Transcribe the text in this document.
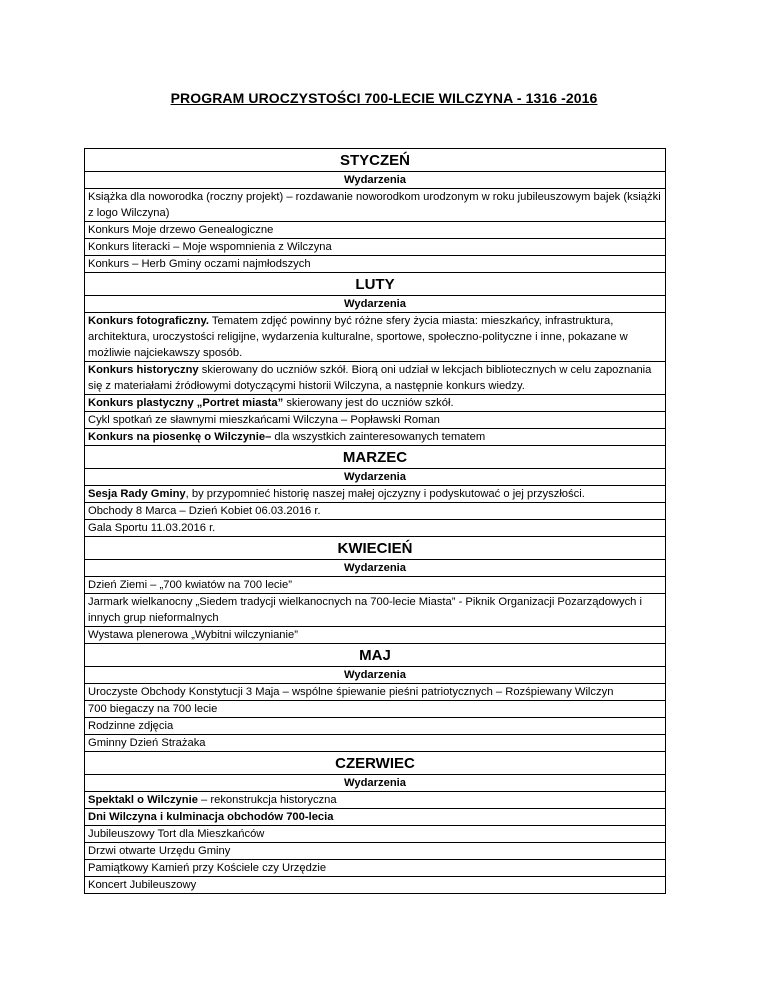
PROGRAM UROCZYSTOŚCI 700-LECIE WILCZYNA - 1316 -2016
STYCZEŃ
Wydarzenia
Książka dla noworodka (roczny projekt) – rozdawanie noworodkom urodzonym w roku jubileuszowym bajek (książki z logo Wilczyna)
Konkurs Moje drzewo Genealogiczne
Konkurs literacki – Moje wspomnienia z Wilczyna
Konkurs – Herb Gminy oczami najmłodszych
LUTY
Wydarzenia
Konkurs fotograficzny. Tematem zdjęć powinny być różne sfery życia miasta: mieszkańcy, infrastruktura, architektura, uroczystości religijne, wydarzenia kulturalne, sportowe, społeczno-polityczne i inne, pokazane w możliwie najciekawszy sposób.
Konkurs historyczny skierowany do uczniów szkół. Biorą oni udział w lekcjach bibliotecznych w celu zapoznania się z materiałami źródłowymi dotyczącymi historii Wilczyna, a następnie konkurs wiedzy.
Konkurs plastyczny „Portret miasta” skierowany jest do uczniów szkół.
Cykl spotkań ze sławnymi mieszkańcami Wilczyna – Popławski Roman
Konkurs na piosenkę o Wilczynie– dla wszystkich zainteresowanych tematem
MARZEC
Wydarzenia
Sesja Rady Gminy, by przypomnieć historię naszej małej ojczyzny i podyskutować o jej przyszłości.
Obchody 8 Marca – Dzień Kobiet 06.03.2016 r.
Gala Sportu 11.03.2016 r.
KWIECIEŃ
Wydarzenia
Dzień Ziemi – „700 kwiatów na 700 lecie”
Jarmark wielkanocny „Siedem tradycji wielkanocnych na 700-lecie Miasta” - Piknik Organizacji Pozarządowych i innych grup nieformalnych
Wystawa plenerowa „Wybitni wilczynianie”
MAJ
Wydarzenia
Uroczyste Obchody Konstytucji 3 Maja – wspólne śpiewanie pieśni patriotycznych – Rozśpiewany Wilczyn
700 biegaczy na 700 lecie
Rodzinne zdjęcia
Gminny Dzień Strażaka
CZERWIEC
Wydarzenia
Spektakl o Wilczynie – rekonstrukcja historyczna
Dni Wilczyna i kulminacja obchodów 700-lecia
Jubileuszowy Tort dla Mieszkańców
Drzwi otwarte Urzędu Gminy
Pamiątkowy Kamień przy Kościele czy Urzędzie
Koncert Jubileuszowy
